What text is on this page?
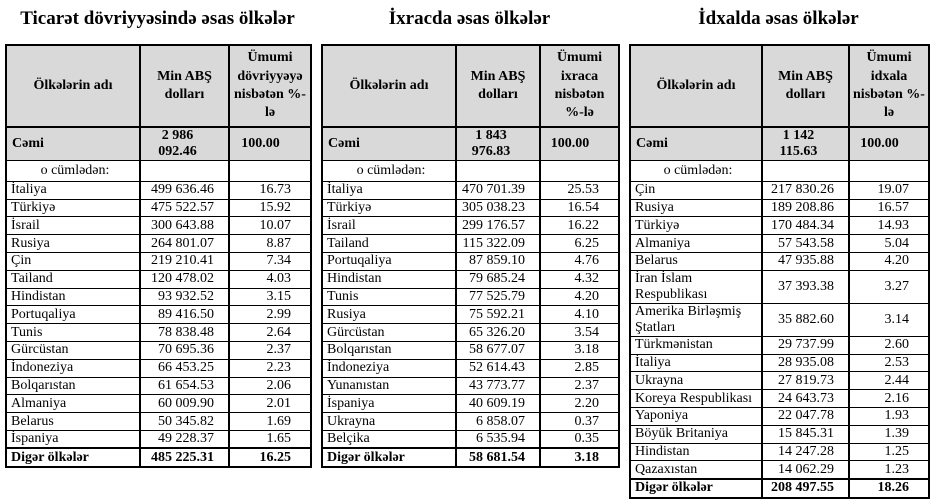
Ticarət dövriyyəsində əsas ölkələr
Ölkələrin adı	Min ABŞ dolları	Ümumi dövriyyəyə nisbətən %-lə
Cəmi	2 986 092.46	100.00
o cümlədən:		
İtaliya	499 636.46	16.73
Türkiyə	475 522.57	15.92
İsrail	300 643.88	10.07
Rusiya	264 801.07	8.87
Çin	219 210.41	7.34
Tailand	120 478.02	4.03
Hindistan	93 932.52	3.15
Portuqaliya	89 416.50	2.99
Tunis	78 838.48	2.64
Gürcüstan	70 695.36	2.37
İndoneziya	66 453.25	2.23
Bolqarıstan	61 654.53	2.06
Almaniya	60 009.90	2.01
Belarus	50 345.82	1.69
İspaniya	49 228.37	1.65
Digər ölkələr	485 225.31	16.25
İxracda əsas ölkələr
Ölkələrin adı	Min ABŞ dolları	Ümumi ixraca nisbətən %-lə
Cəmi	1 843 976.83	100.00
o cümlədən:		
İtaliya	470 701.39	25.53
Türkiyə	305 038.23	16.54
İsrail	299 176.57	16.22
Tailand	115 322.09	6.25
Portuqaliya	87 859.10	4.76
Hindistan	79 685.24	4.32
Tunis	77 525.79	4.20
Rusiya	75 592.21	4.10
Gürcüstan	65 326.20	3.54
Bolqarıstan	58 677.07	3.18
İndoneziya	52 614.43	2.85
Yunanıstan	43 773.77	2.37
İspaniya	40 609.19	2.20
Ukrayna	6 858.07	0.37
Belçika	6 535.94	0.35
Digər ölkələr	58 681.54	3.18
İdxalda əsas ölkələr
Ölkələrin adı	Min ABŞ dolları	Ümumi idxala nisbətən %-lə
Cəmi	1 142 115.63	100.00
o cümlədən:		
Çin	217 830.26	19.07
Rusiya	189 208.86	16.57
Türkiyə	170 484.34	14.93
Almaniya	57 543.58	5.04
Belarus	47 935.88	4.20
İran İslam Respublikası	37 393.38	3.27
Amerika Birləşmiş Ştatları	35 882.60	3.14
Türkmənistan	29 737.99	2.60
İtaliya	28 935.08	2.53
Ukrayna	27 819.73	2.44
Koreya Respublikası	24 643.73	2.16
Yaponiya	22 047.78	1.93
Böyük Britaniya	15 845.31	1.39
Hindistan	14 247.28	1.25
Qazaxıstan	14 062.29	1.23
Digər ölkələr	208 497.55	18.26
